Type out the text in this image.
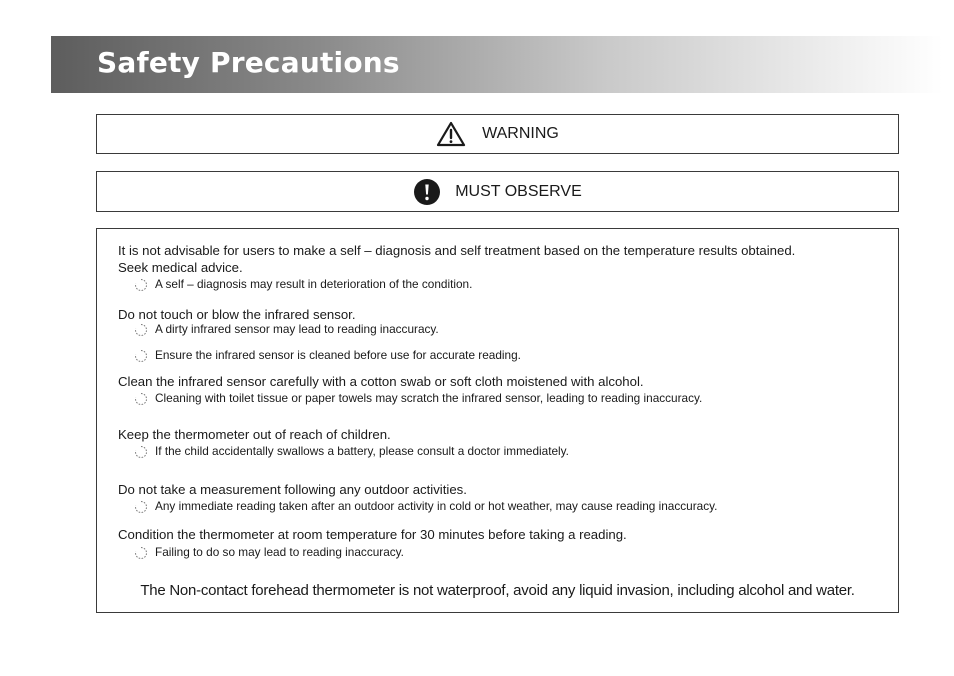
Safety Precautions
WARNING
MUST OBSERVE
It is not advisable for users to make a self – diagnosis and self treatment based on the temperature results obtained.
Seek medical advice.
A self – diagnosis may result in deterioration of the condition.
Do not touch or blow the infrared sensor.
A dirty infrared sensor may lead to reading inaccuracy.
Ensure the infrared sensor is cleaned before use for accurate reading.
Clean the infrared sensor carefully with a cotton swab or soft cloth moistened with alcohol.
Cleaning with toilet tissue or paper towels may scratch the infrared sensor, leading to reading inaccuracy.
Keep the thermometer out of reach of children.
If the child accidentally swallows a battery, please consult a doctor immediately.
Do not take a measurement following any outdoor activities.
Any immediate reading taken after an outdoor activity in cold or hot weather, may cause reading inaccuracy.
Condition the thermometer at room temperature for 30 minutes before taking a reading.
Failing to do so may lead to reading inaccuracy.
The Non-contact forehead thermometer is not waterproof, avoid any liquid invasion, including alcohol and water.
